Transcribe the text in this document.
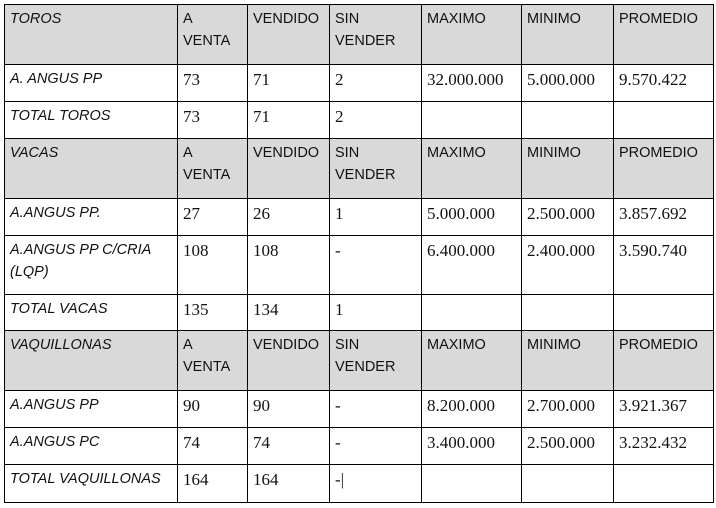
TOROS	A VENTA	VENDIDO	SIN VENDER	MAXIMO	MINIMO	PROMEDIO
A. ANGUS PP	73	71	2	32.000.000	5.000.000	9.570.422
TOTAL TOROS	73	71	2			
VACAS	A VENTA	VENDIDO	SIN VENDER	MAXIMO	MINIMO	PROMEDIO
A.ANGUS PP.	27	26	1	5.000.000	2.500.000	3.857.692
A.ANGUS PP C/CRIA (LQP)	108	108	-	6.400.000	2.400.000	3.590.740
TOTAL VACAS	135	134	1			
VAQUILLONAS	A VENTA	VENDIDO	SIN VENDER	MAXIMO	MINIMO	PROMEDIO
A.ANGUS PP	90	90	-	8.200.000	2.700.000	3.921.367
A.ANGUS PC	74	74	-	3.400.000	2.500.000	3.232.432
TOTAL VAQUILLONAS	164	164	-|			
